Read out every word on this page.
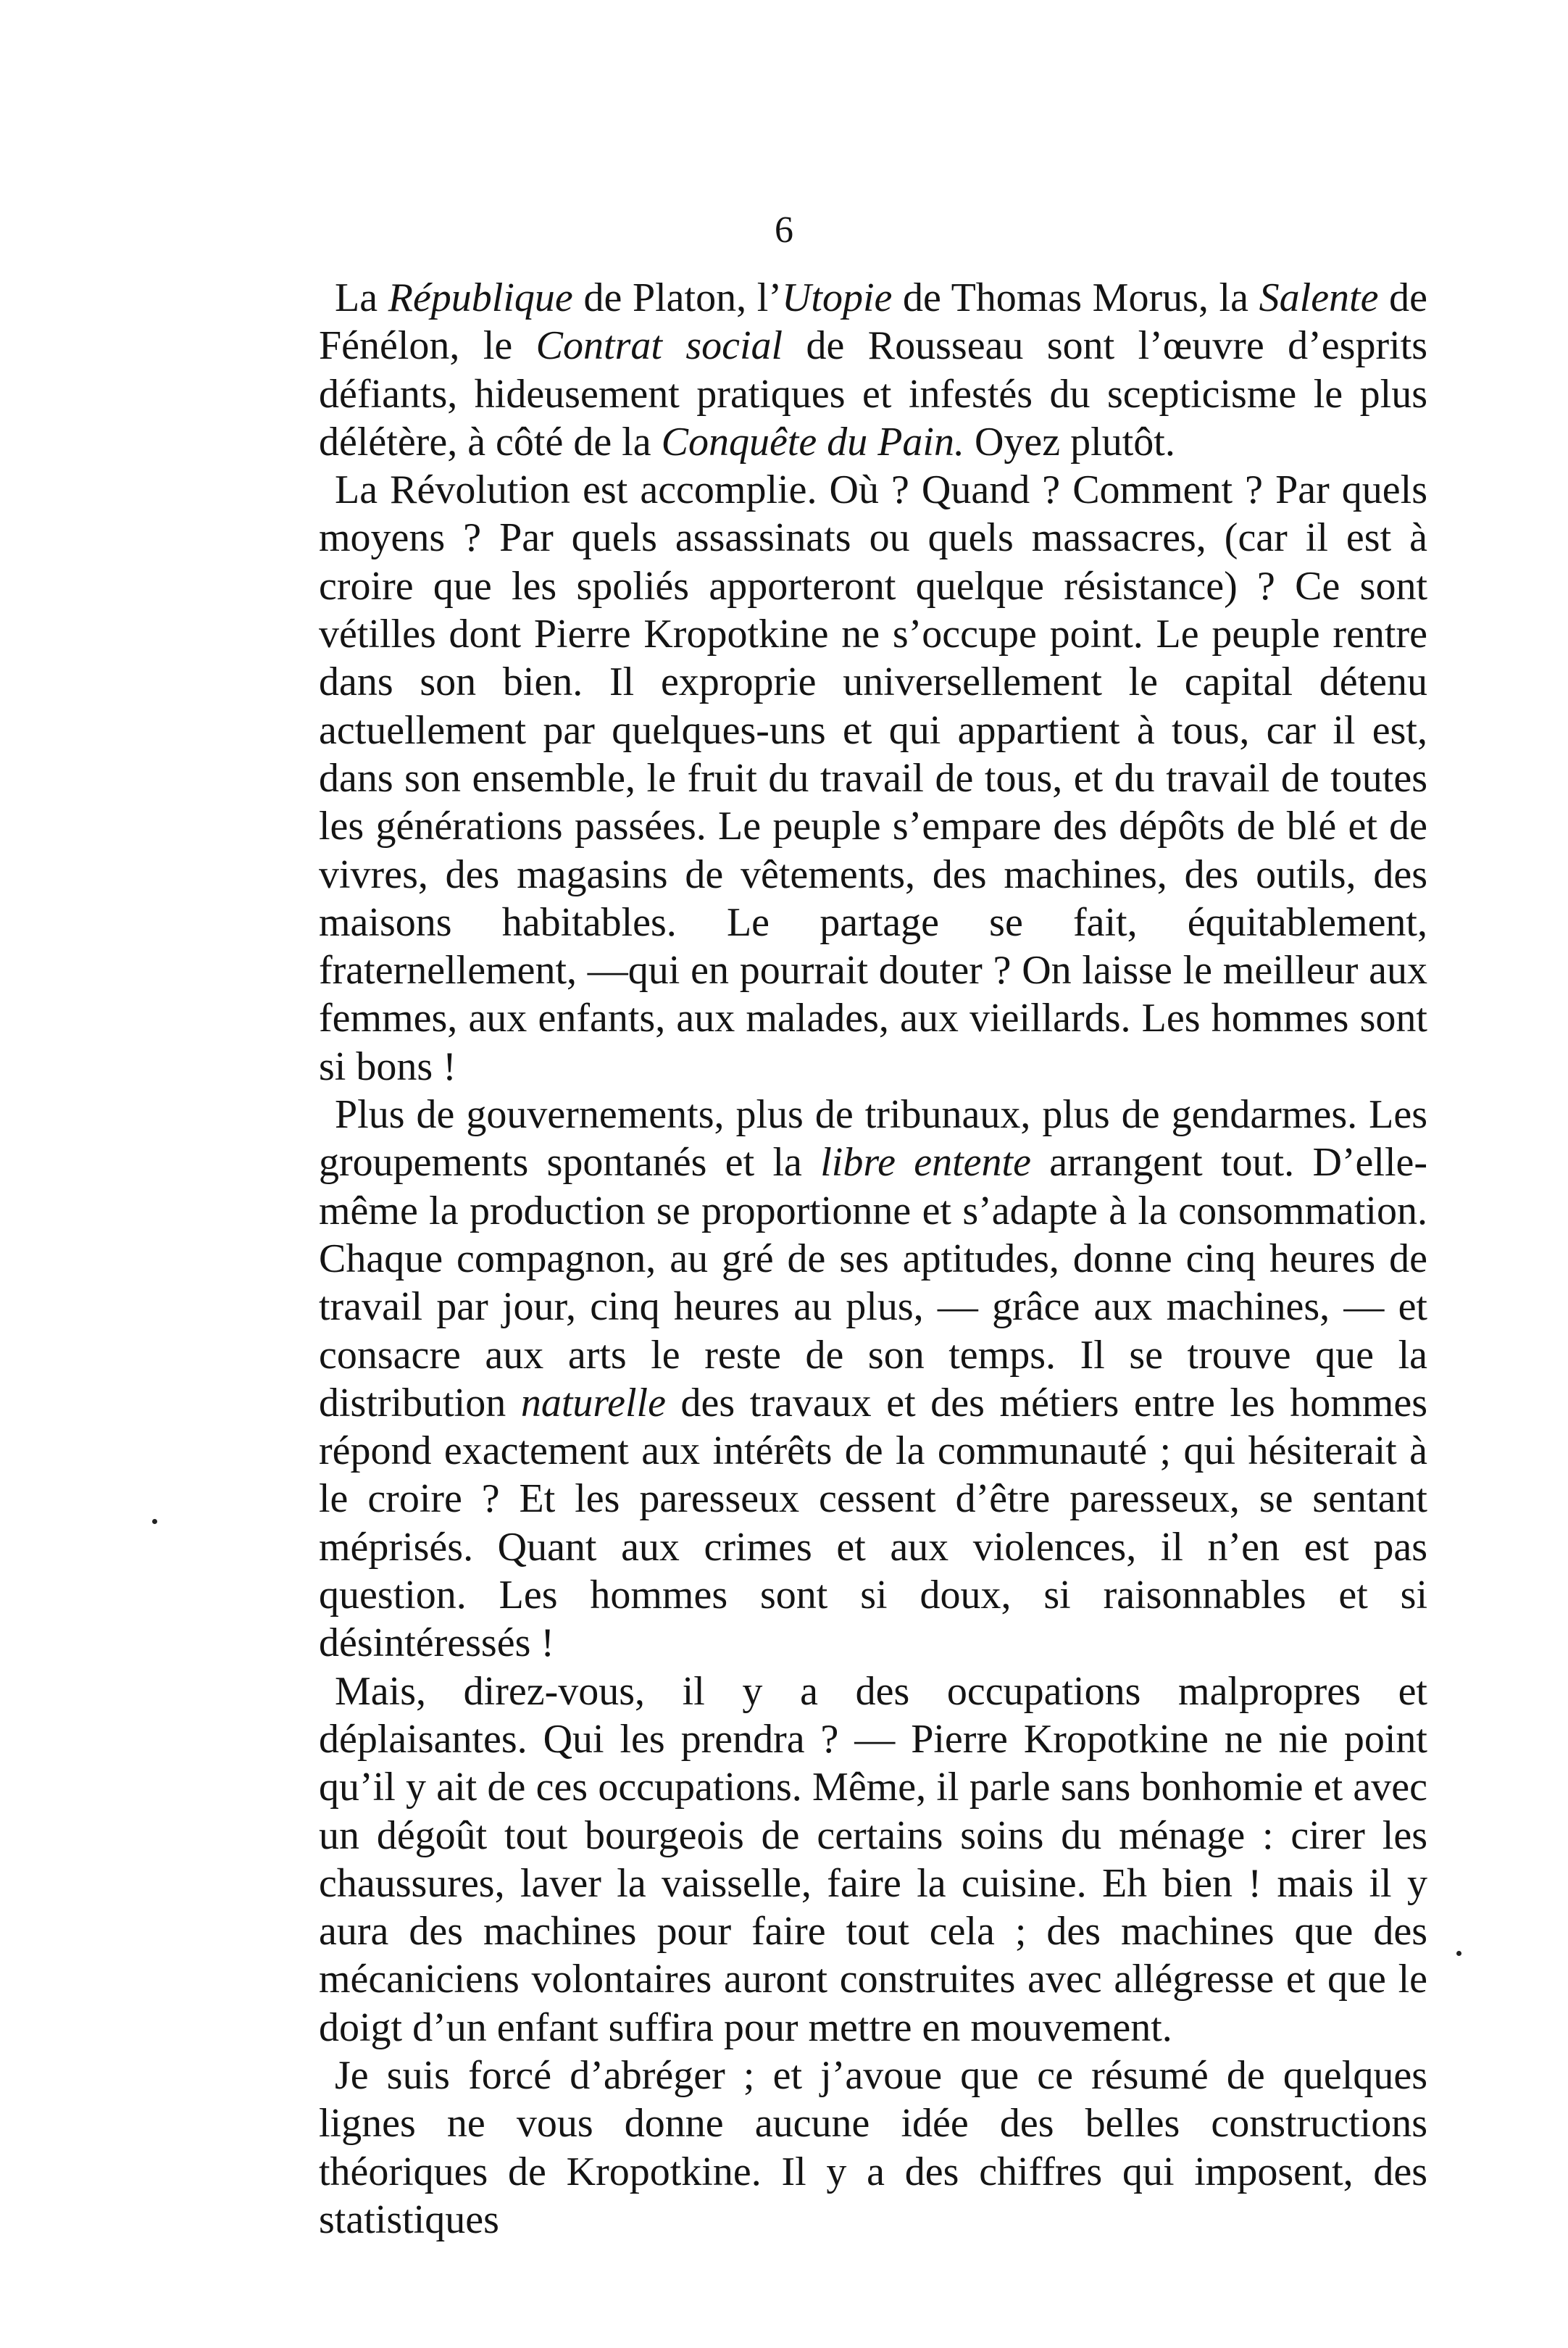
6

La République de Platon, l’Utopie de Thomas Morus, la Salente de Fénélon, le Contrat social de Rousseau sont l’œuvre d’esprits défiants, hideusement pratiques et infestés du scepticisme le plus délétère, à côté de la Conquête du Pain. Oyez plutôt.

La Révolution est accomplie. Où ? Quand ? Comment ? Par quels moyens ? Par quels assassinats ou quels massacres, (car il est à croire que les spoliés apporteront quelque résistance) ? Ce sont vétilles dont Pierre Kropotkine ne s’occupe point. Le peuple rentre dans son bien. Il exproprie universellement le capital détenu actuellement par quelques-uns et qui appartient à tous, car il est, dans son ensemble, le fruit du travail de tous, et du travail de toutes les générations passées. Le peuple s’empare des dépôts de blé et de vivres, des magasins de vêtements, des machines, des outils, des maisons habitables. Le partage se fait, équitablement, fraternellement, —qui en pourrait douter ? On laisse le meilleur aux femmes, aux enfants, aux malades, aux vieillards. Les hommes sont si bons !

Plus de gouvernements, plus de tribunaux, plus de gendarmes. Les groupements spontanés et la libre entente arrangent tout. D’elle-même la production se proportionne et s’adapte à la consommation. Chaque compagnon, au gré de ses aptitudes, donne cinq heures de travail par jour, cinq heures au plus, — grâce aux machines, — et consacre aux arts le reste de son temps. Il se trouve que la distribution naturelle des travaux et des métiers entre les hommes répond exactement aux intérêts de la communauté ; qui hésiterait à le croire ? Et les paresseux cessent d’être paresseux, se sentant méprisés. Quant aux crimes et aux violences, il n’en est pas question. Les hommes sont si doux, si raisonnables et si désintéressés !

Mais, direz-vous, il y a des occupations malpropres et déplaisantes. Qui les prendra ? — Pierre Kropotkine ne nie point qu’il y ait de ces occupations. Même, il parle sans bonhomie et avec un dégoût tout bourgeois de certains soins du ménage : cirer les chaussures, laver la vaisselle, faire la cuisine. Eh bien ! mais il y aura des machines pour faire tout cela ; des machines que des mécaniciens volontaires auront construites avec allégresse et que le doigt d’un enfant suffira pour mettre en mouvement.

Je suis forcé d’abréger ; et j’avoue que ce résumé de quelques lignes ne vous donne aucune idée des belles constructions théoriques de Kropotkine. Il y a des chiffres qui imposent, des statistiques
